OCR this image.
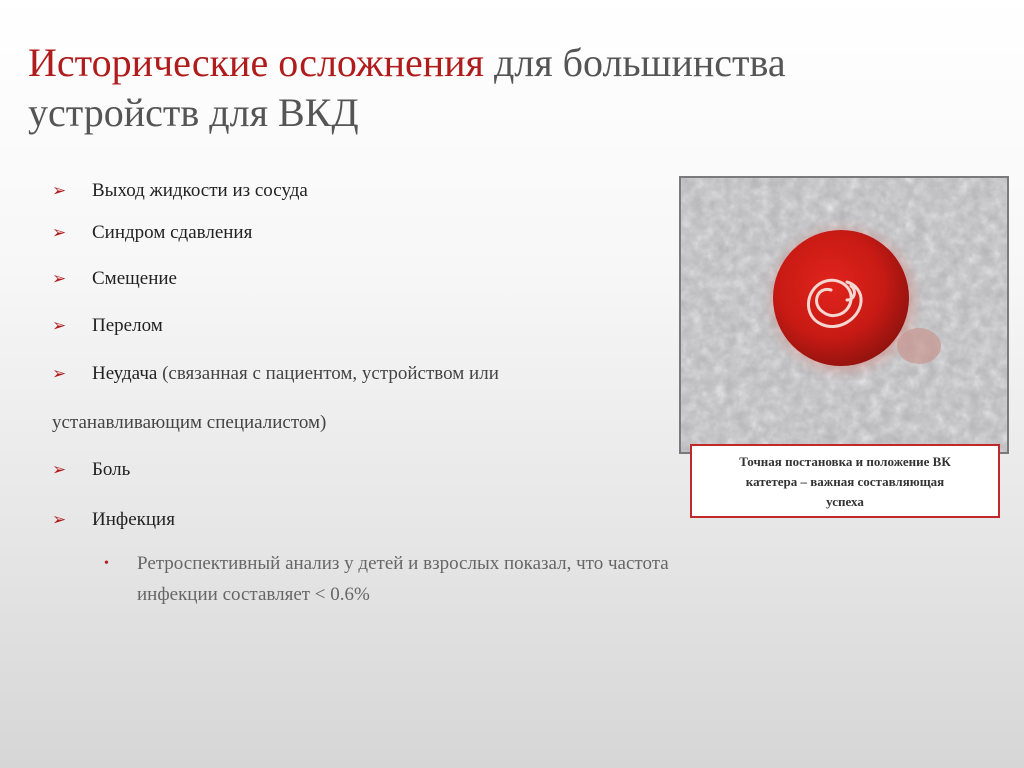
Исторические осложнения для большинства
устройств для ВКД
➢ Выход жидкости из сосуда
➢ Синдром сдавления
➢ Смещение
➢ Перелом
➢ Неудача (связанная с пациентом, устройством или
устанавливающим специалистом)
➢ Боль
➢ Инфекция
• Ретроспективный анализ у детей и взрослых показал, что частота
инфекции составляет < 0.6%
Точная постановка и положение ВК
катетера – важная составляющая
успеха
